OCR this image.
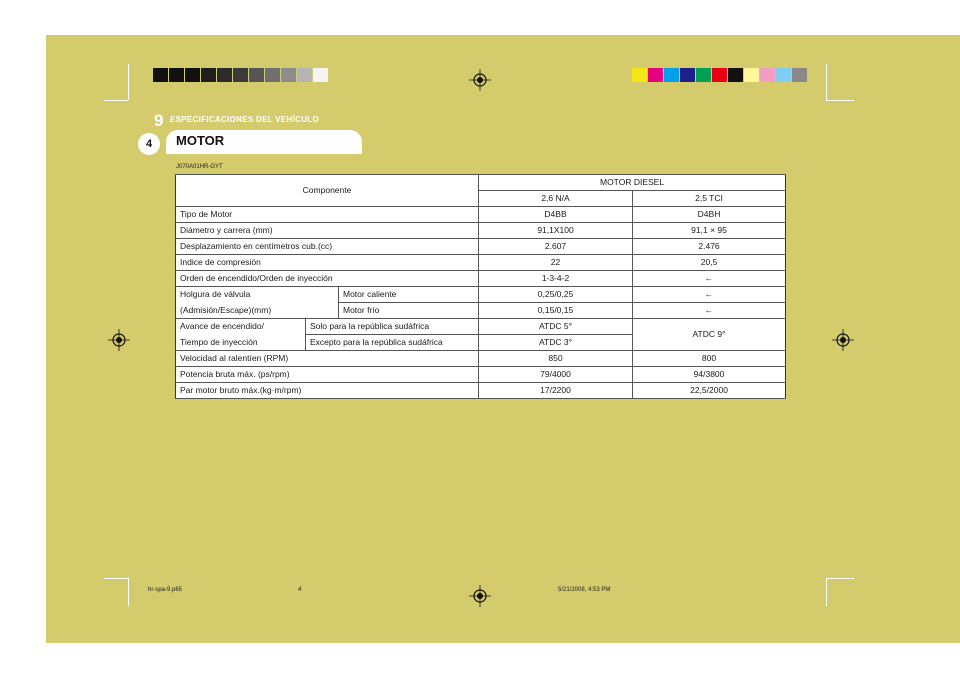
9 ESPECIFICACIONES DEL VEHÍCULO
MOTOR
4
J070A01HR-GYT
Componente			MOTOR DIESEL	
			2,6 N/A	2,5 TCI
Tipo de Motor			D4BB	D4BH
Diámetro y carrera (mm)			91,1X100	91,1 × 95
Desplazamiento en centímetros cub.(cc)			2.607	2.476
Indice de compresión			22	20,5
Orden de encendido/Orden de inyección			1-3-4-2	←
Holgura de válvula		Motor caliente	0,25/0,25	←
(Admisión/Escape)(mm)		Motor frío	0,15/0,15	←
Avance de encendido/	Solo para la república sudáfrica		ATDC 5°	ATDC 9°
Tiempo de inyección	Excepto para la república sudáfrica		ATDC 3°	
Velocidad al ralentíen (RPM)			850	800
Potencia bruta máx. (ps/rpm)			79/4000	94/3800
Par motor bruto máx.(kg·m/rpm)			17/2200	22,5/2000
hr-spa-9.p65	4	5/21/2008, 4:53 PM
